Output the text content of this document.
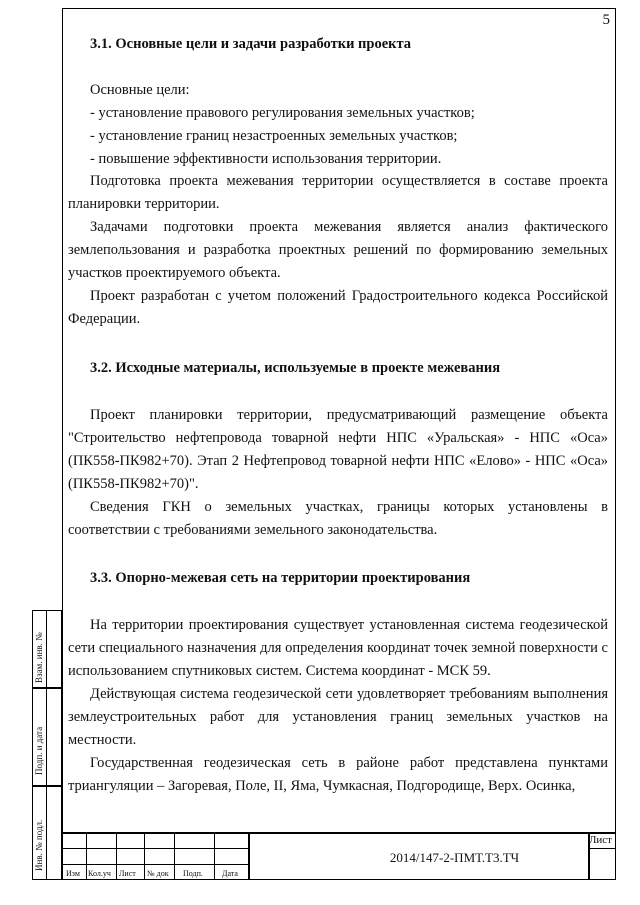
5
3.1. Основные цели и задачи разработки проекта
Основные цели:
- установление правового регулирования земельных участков;
- установление границ незастроенных земельных участков;
- повышение эффективности использования территории.
Подготовка проекта межевания территории осуществляется в составе проекта планировки территории.
Задачами подготовки проекта межевания является анализ фактического землепользования и разработка проектных решений по формированию земельных участков проектируемого объекта.
Проект разработан с учетом положений Градостроительного кодекса Российской Федерации.
3.2. Исходные материалы, используемые в проекте межевания
Проект планировки территории, предусматривающий размещение объекта "Строительство нефтепровода товарной нефти НПС «Уральская» - НПС «Оса» (ПК558-ПК982+70). Этап 2 Нефтепровод товарной нефти НПС «Елово» - НПС «Оса» (ПК558-ПК982+70)".
Сведения ГКН о земельных участках, границы которых установлены в соответствии с требованиями земельного законодательства.
3.3. Опорно-межевая сеть на территории проектирования
На территории проектирования существует установленная система геодезической сети специального назначения для определения координат точек земной поверхности с использованием спутниковых систем. Система координат - МСК 59.
Действующая система геодезической сети удовлетворяет требованиям выполнения землеустроительных работ для установления границ земельных участков на местности.
Государственная геодезическая сеть в районе работ представлена пунктами триангуляции – Загоревая, Поле, II, Яма, Чумкасная, Подгородище, Верх. Осинка,
Взам. инв. №
Подп. и дата
Инв. № подл.
Изм Кол.уч Лист № док Подп. Дата
2014/147-2-ПМТ.Т3.ТЧ
Лист
